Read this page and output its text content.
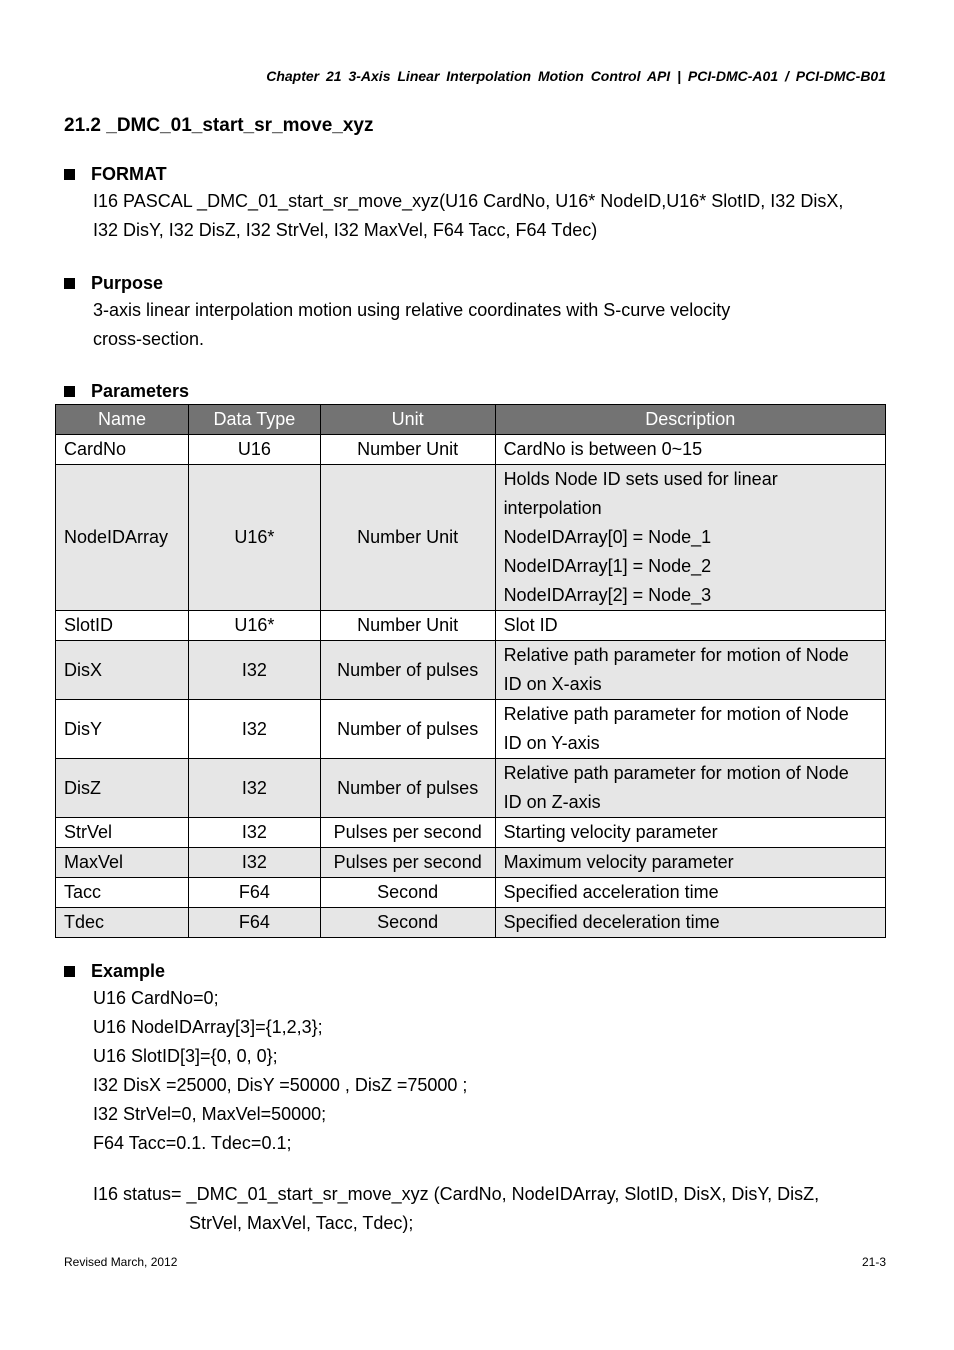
Chapter 21 3-Axis Linear Interpolation Motion Control API | PCI-DMC-A01 / PCI-DMC-B01
21.2 _DMC_01_start_sr_move_xyz
FORMAT
I16 PASCAL _DMC_01_start_sr_move_xyz(U16 CardNo, U16* NodeID,U16* SlotID, I32 DisX,
I32 DisY, I32 DisZ, I32 StrVel, I32 MaxVel, F64 Tacc, F64 Tdec)
Purpose
3-axis linear interpolation motion using relative coordinates with S-curve velocity
cross-section.
Parameters
Name	Data Type	Unit	Description
CardNo	U16	Number Unit	CardNo is between 0~15

NodeIDArray	U16*	Number Unit	Holds Node ID sets used for linear
interpolation
NodeIDArray[0] = Node_1
NodeIDArray[1] = Node_2
NodeIDArray[2] = Node_3

SlotID	U16*	Number Unit	Slot ID

DisX	I32	Number of pulses	Relative path parameter for motion of Node
ID on X-axis

DisY	I32	Number of pulses	Relative path parameter for motion of Node
ID on Y-axis

DisZ	I32	Number of pulses	Relative path parameter for motion of Node
ID on Z-axis

StrVel	I32	Pulses per second	Starting velocity parameter

MaxVel	I32	Pulses per second	Maximum velocity parameter

Tacc	F64	Second	Specified acceleration time

Tdec	F64	Second	Specified deceleration time
Example
U16 CardNo=0;
U16 NodeIDArray[3]={1,2,3};
U16 SlotID[3]={0, 0, 0};
I32 DisX =25000, DisY =50000 , DisZ =75000 ;
I32 StrVel=0, MaxVel=50000;
F64 Tacc=0.1. Tdec=0.1;
I16 status= _DMC_01_start_sr_move_xyz (CardNo, NodeIDArray, SlotID, DisX, DisY, DisZ,
StrVel, MaxVel, Tacc, Tdec);
Revised March, 2012	21-3
